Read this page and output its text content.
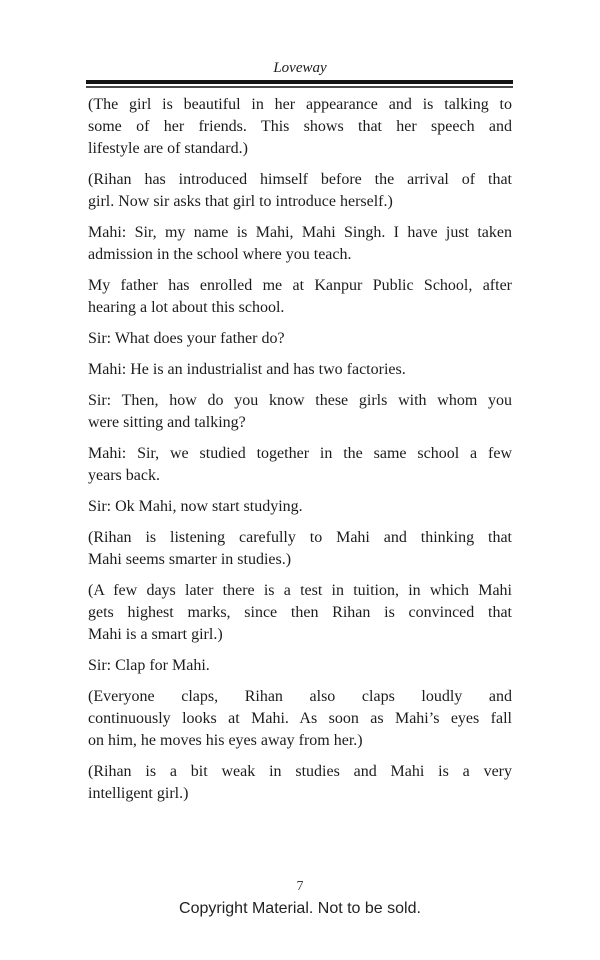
Loveway

(The girl is beautiful in her appearance and is talking to
some of her friends. This shows that her speech and
lifestyle are of standard.)

(Rihan has introduced himself before the arrival of that
girl. Now sir asks that girl to introduce herself.)

Mahi: Sir, my name is Mahi, Mahi Singh. I have just taken
admission in the school where you teach.

My father has enrolled me at Kanpur Public School, after
hearing a lot about this school.

Sir: What does your father do?

Mahi: He is an industrialist and has two factories.

Sir: Then, how do you know these girls with whom you
were sitting and talking?

Mahi: Sir, we studied together in the same school a few
years back.

Sir: Ok Mahi, now start studying.

(Rihan is listening carefully to Mahi and thinking that
Mahi seems smarter in studies.)

(A few days later there is a test in tuition, in which Mahi
gets highest marks, since then Rihan is convinced that
Mahi is a smart girl.)

Sir: Clap for Mahi.

(Everyone claps, Rihan also claps loudly and
continuously looks at Mahi. As soon as Mahi’s eyes fall
on him, he moves his eyes away from her.)

(Rihan is a bit weak in studies and Mahi is a very
intelligent girl.)

7
Copyright Material. Not to be sold.
